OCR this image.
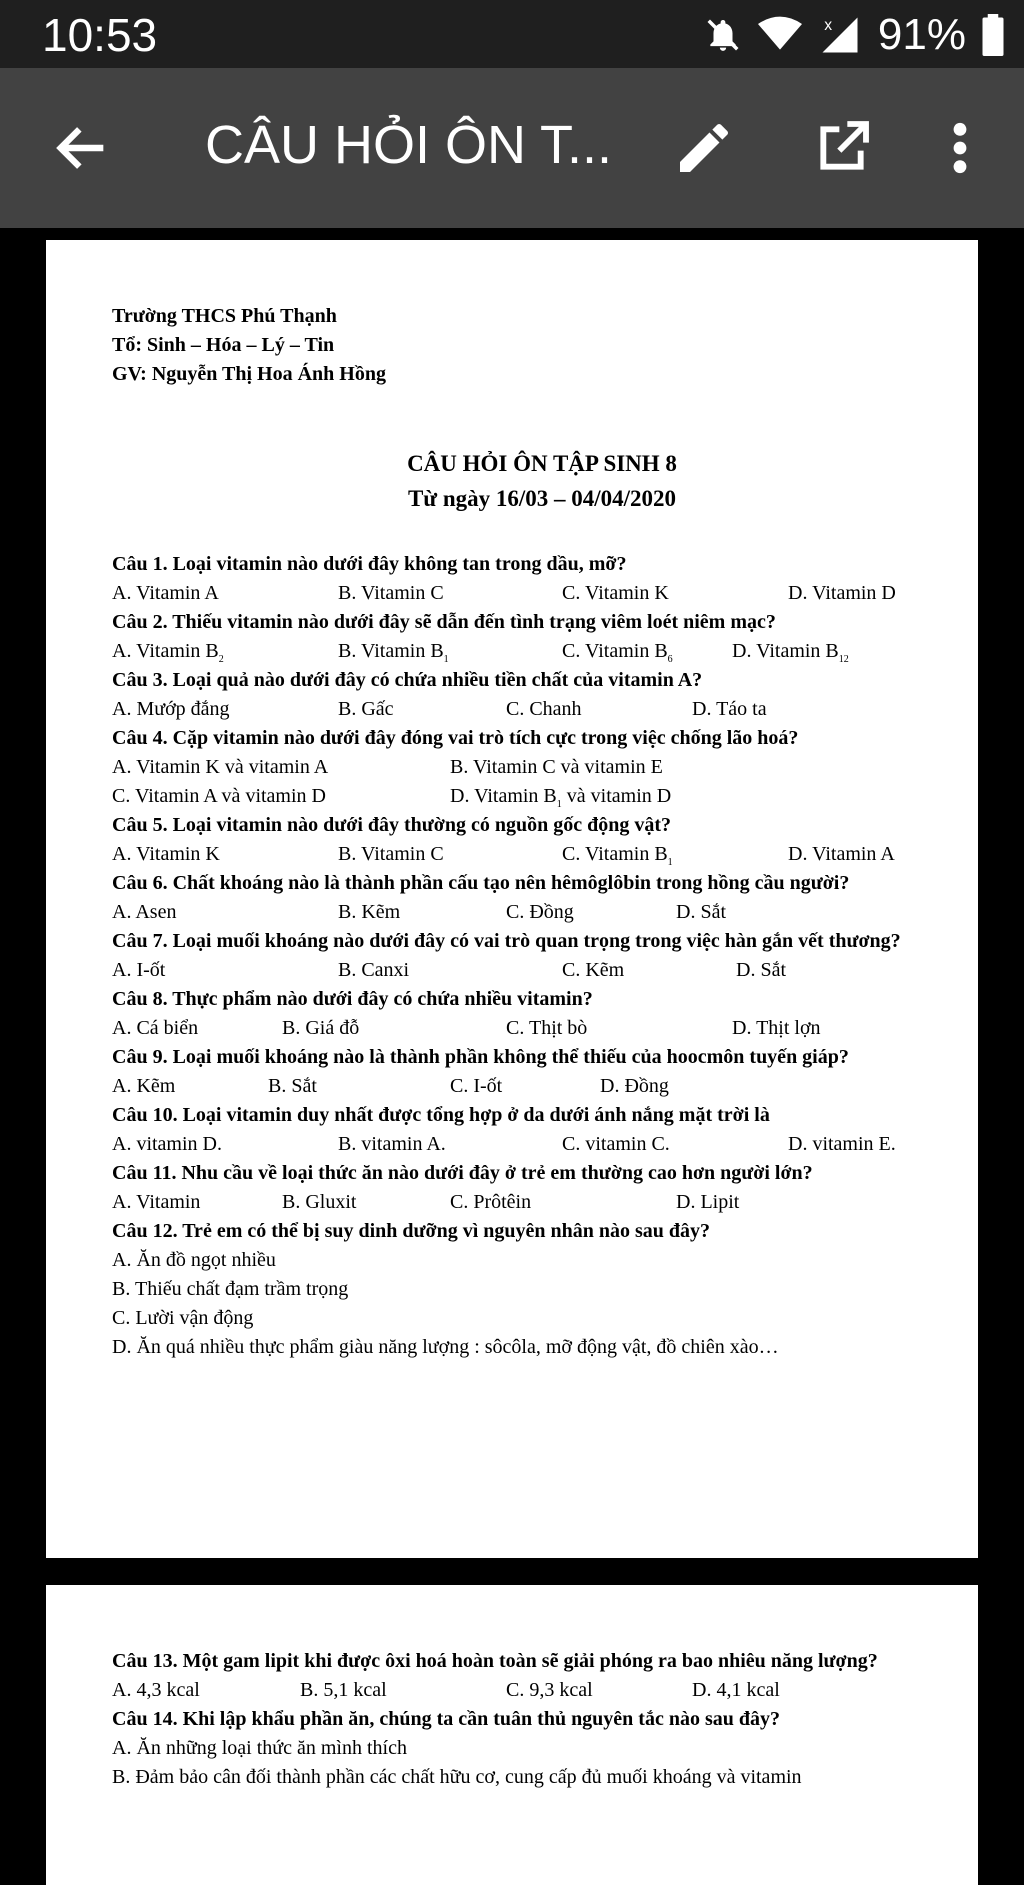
10:53	x 91%
CÂU HỎI ÔN T...
Trường THCS Phú Thạnh
Tổ: Sinh – Hóa – Lý – Tin
GV: Nguyễn Thị Hoa Ánh Hồng
CÂU HỎI ÔN TẬP SINH 8
Từ ngày 16/03 – 04/04/2020
Câu 1. Loại vitamin nào dưới đây không tan trong dầu, mỡ?
A. Vitamin A	B. Vitamin C	C. Vitamin K	D. Vitamin D
Câu 2. Thiếu vitamin nào dưới đây sẽ dẫn đến tình trạng viêm loét niêm mạc?
A. Vitamin $B_2$	B. Vitamin $B_1$	C. Vitamin $B_6$	D. Vitamin $B_{12}$
Câu 3. Loại quả nào dưới đây có chứa nhiều tiền chất của vitamin A?
A. Mướp đắng	B. Gấc	C. Chanh	D. Táo ta
Câu 4. Cặp vitamin nào dưới đây đóng vai trò tích cực trong việc chống lão hoá?
A. Vitamin K và vitamin A	B. Vitamin C và vitamin E
C. Vitamin A và vitamin D	D. Vitamin $B_1$ và vitamin D
Câu 5. Loại vitamin nào dưới đây thường có nguồn gốc động vật?
A. Vitamin K	B. Vitamin C	C. Vitamin $B_1$	D. Vitamin A
Câu 6. Chất khoáng nào là thành phần cấu tạo nên hêmôglôbin trong hồng cầu người?
A. Asen	B. Kẽm	C. Đồng	D. Sắt
Câu 7. Loại muối khoáng nào dưới đây có vai trò quan trọng trong việc hàn gắn vết thương?
A. I-ốt	B. Canxi	C. Kẽm	D. Sắt
Câu 8. Thực phẩm nào dưới đây có chứa nhiều vitamin?
A. Cá biển	B. Giá đỗ	C. Thịt bò	D. Thịt lợn
Câu 9. Loại muối khoáng nào là thành phần không thể thiếu của hoocmôn tuyến giáp?
A. Kẽm	B. Sắt	C. I-ốt	D. Đồng
Câu 10. Loại vitamin duy nhất được tổng hợp ở da dưới ánh nắng mặt trời là
A. vitamin D.	B. vitamin A.	C. vitamin C.	D. vitamin E.
Câu 11. Nhu cầu về loại thức ăn nào dưới đây ở trẻ em thường cao hơn người lớn?
A. Vitamin	B. Gluxit	C. Prôtêin	D. Lipit
Câu 12. Trẻ em có thể bị suy dinh dưỡng vì nguyên nhân nào sau đây?
A. Ăn đồ ngọt nhiều
B. Thiếu chất đạm trầm trọng
C. Lười vận động
D. Ăn quá nhiều thực phẩm giàu năng lượng : sôcôla, mỡ động vật, đồ chiên xào…
Câu 13. Một gam lipit khi được ôxi hoá hoàn toàn sẽ giải phóng ra bao nhiêu năng lượng?
A. 4,3 kcal	B. 5,1 kcal	C. 9,3 kcal	D. 4,1 kcal
Câu 14. Khi lập khẩu phần ăn, chúng ta cần tuân thủ nguyên tắc nào sau đây?
A. Ăn những loại thức ăn mình thích
B. Đảm bảo cân đối thành phần các chất hữu cơ, cung cấp đủ muối khoáng và vitamin
